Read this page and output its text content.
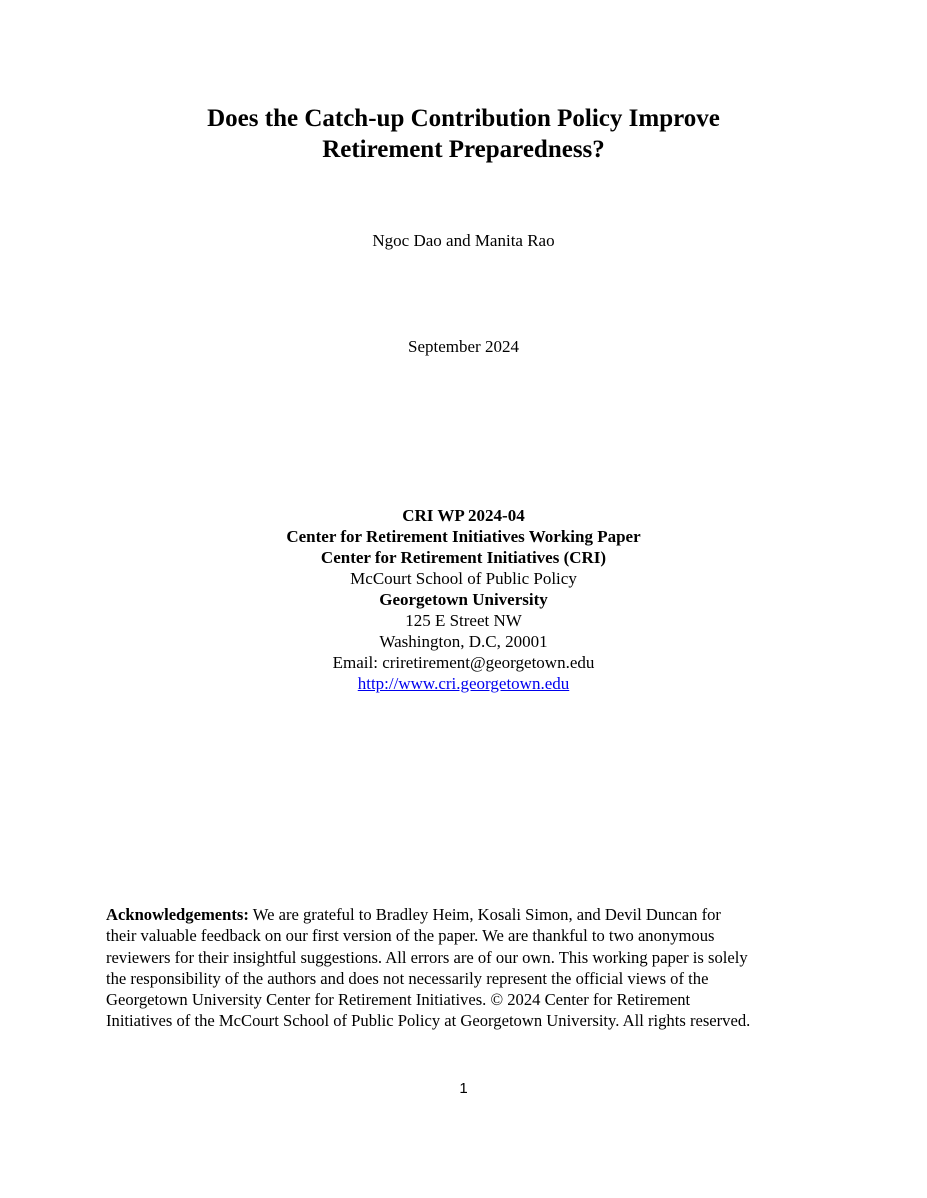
Does the Catch-up Contribution Policy Improve
Retirement Preparedness?
Ngoc Dao and Manita Rao
September 2024
CRI WP 2024-04
Center for Retirement Initiatives Working Paper
Center for Retirement Initiatives (CRI)
McCourt School of Public Policy
Georgetown University
125 E Street NW
Washington, D.C, 20001
Email: criretirement@georgetown.edu
http://www.cri.georgetown.edu
Acknowledgements: We are grateful to Bradley Heim, Kosali Simon, and Devil Duncan for
their valuable feedback on our first version of the paper. We are thankful to two anonymous
reviewers for their insightful suggestions. All errors are of our own. This working paper is solely
the responsibility of the authors and does not necessarily represent the official views of the
Georgetown University Center for Retirement Initiatives. © 2024 Center for Retirement
Initiatives of the McCourt School of Public Policy at Georgetown University. All rights reserved.
1
